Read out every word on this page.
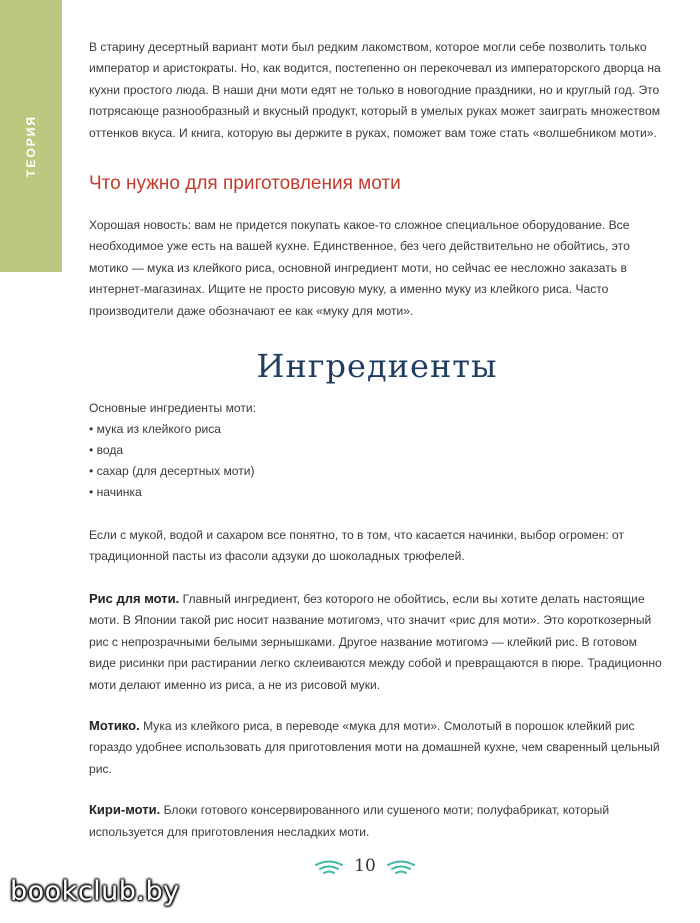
ТЕОРИЯ

В старину десертный вариант моти был редким лакомством, которое могли себе позволить только император и аристократы. Но, как водится, постепенно он перекочевал из императорского дворца на кухни простого люда. В наши дни моти едят не только в новогодние праздники, но и круглый год. Это потрясающе разнообразный и вкусный продукт, который в умелых руках может заиграть множеством оттенков вкуса. И книга, которую вы держите в руках, поможет вам тоже стать «волшебником моти».

Что нужно для приготовления моти

Хорошая новость: вам не придется покупать какое-то сложное специальное оборудование. Все необходимое уже есть на вашей кухне. Единственное, без чего действительно не обойтись, это мотико — мука из клейкого риса, основной ингредиент моти, но сейчас ее несложно заказать в интернет-магазинах. Ищите не просто рисовую муку, а именно муку из клейкого риса. Часто производители даже обозначают ее как «муку для моти».

Ингредиенты
Основные ингредиенты моти:
• мука из клейкого риса
• вода
• сахар (для десертных моти)
• начинка

Если с мукой, водой и сахаром все понятно, то в том, что касается начинки, выбор огромен: от традиционной пасты из фасоли адзуки до шоколадных трюфелей.

Рис для моти. Главный ингредиент, без которого не обойтись, если вы хотите делать настоящие моти. В Японии такой рис носит название мотигомэ, что значит «рис для моти». Это короткозерный рис с непрозрачными белыми зернышками. Другое название мотигомэ — клейкий рис. В готовом виде рисинки при растирании легко склеиваются между собой и превращаются в пюре. Традиционно моти делают именно из риса, а не из рисовой муки.

Мотико. Мука из клейкого риса, в переводе «мука для моти». Смолотый в порошок клейкий рис гораздо удобнее использовать для приготовления моти на домашней кухне, чем сваренный цельный рис.

Кири-моти. Блоки готового консервированного или сушеного моти; полуфабрикат, который используется для приготовления несладких моти.

10
bookclub.by
